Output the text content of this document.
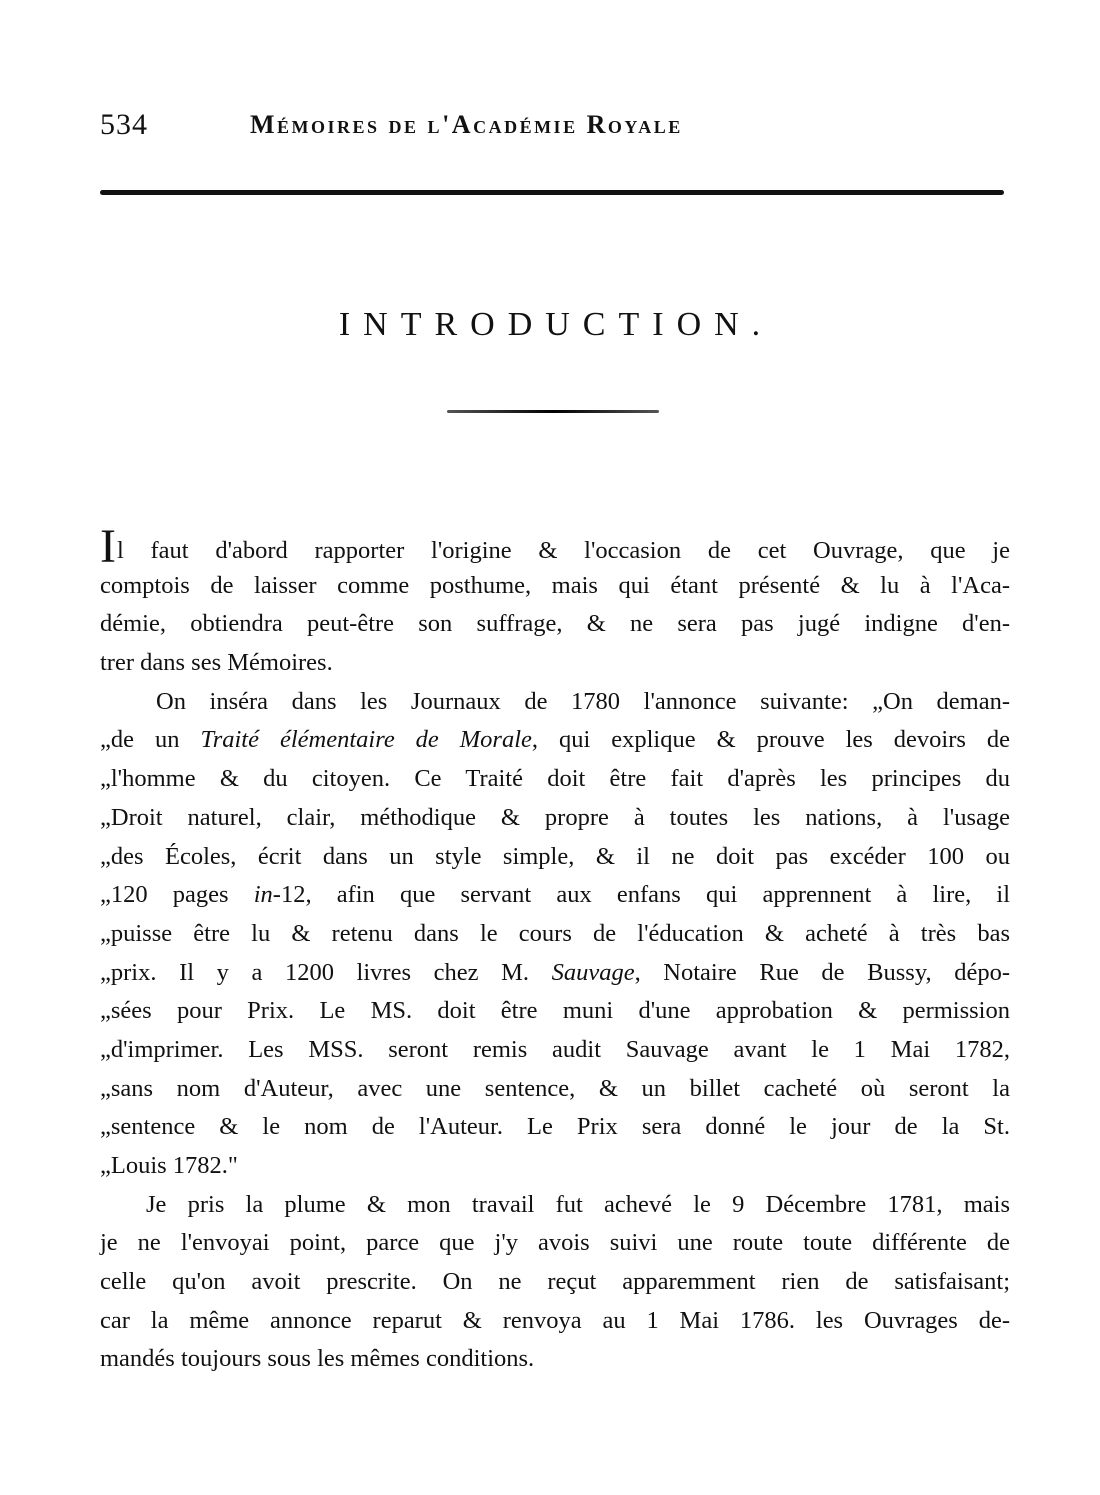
534	Mémoires de l'Académie Royale
INTRODUCTION.
Il faut d'abord rapporter l'origine & l'occasion de cet Ouvrage, que je
comptois de laisser comme posthume, mais qui étant présenté & lu à l'Aca-
démie, obtiendra peut-être son suffrage, & ne sera pas jugé indigne d'en-
trer dans ses Mémoires.
On inséra dans les Journaux de 1780 l'annonce suivante: „On deman-
„de un Traité élémentaire de Morale, qui explique & prouve les devoirs de
„l'homme & du citoyen. Ce Traité doit être fait d'après les principes du
„Droit naturel, clair, méthodique & propre à toutes les nations, à l'usage
„des Écoles, écrit dans un style simple, & il ne doit pas excéder 100 ou
„120 pages in-12, afin que servant aux enfans qui apprennent à lire, il
„puisse être lu & retenu dans le cours de l'éducation & acheté à très bas
„prix. Il y a 1200 livres chez M. Sauvage, Notaire Rue de Bussy, dépo-
„sées pour Prix. Le MS. doit être muni d'une approbation & permission
„d'imprimer. Les MSS. seront remis audit Sauvage avant le 1 Mai 1782,
„sans nom d'Auteur, avec une sentence, & un billet cacheté où seront la
„sentence & le nom de l'Auteur. Le Prix sera donné le jour de la St.
„Louis 1782."
Je pris la plume & mon travail fut achevé le 9 Décembre 1781, mais
je ne l'envoyai point, parce que j'y avois suivi une route toute différente de
celle qu'on avoit prescrite. On ne reçut apparemment rien de satisfaisant;
car la même annonce reparut & renvoya au 1 Mai 1786. les Ouvrages de-
mandés toujours sous les mêmes conditions.
